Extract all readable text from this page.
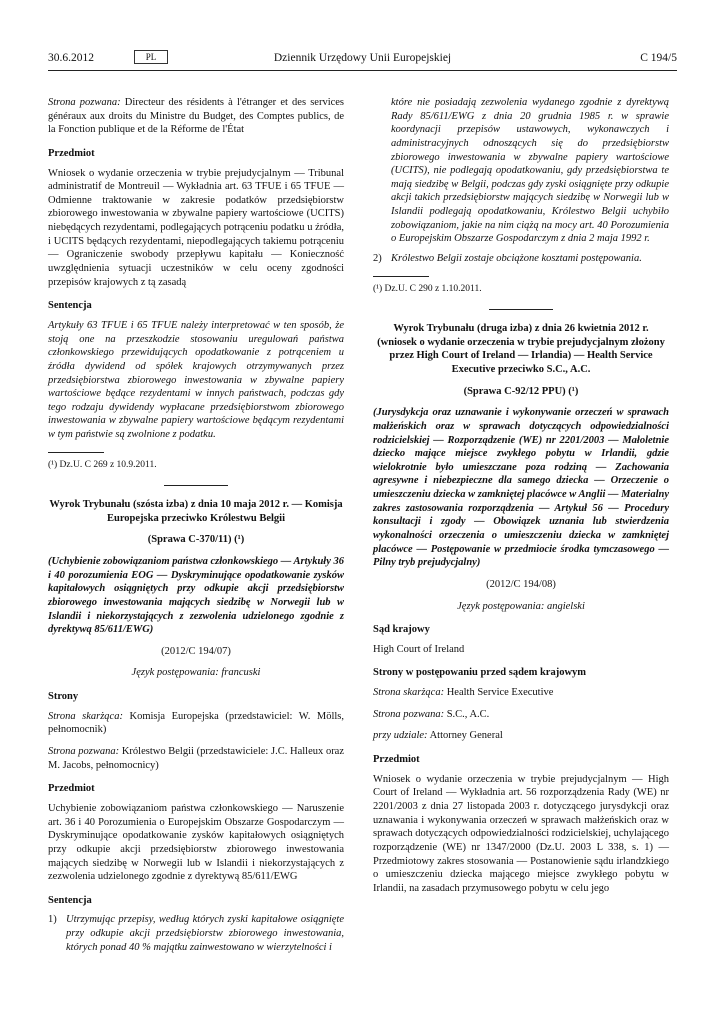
Dziennik Urzędowy Unii Europejskiej
30.6.2012	PL	C 194/5

Strona pozwana: Directeur des résidents à l'étranger et des services généraux aux droits du Ministre du Budget, des Comptes publics, de la Fonction publique et de la Réforme de l'État

Przedmiot

Wniosek o wydanie orzeczenia w trybie prejudycjalnym — Tribunal administratif de Montreuil — Wykładnia art. 63 TFUE i 65 TFUE — Odmienne traktowanie w zakresie podatków przedsiębiorstw zbiorowego inwestowania w zbywalne papiery wartościowe (UCITS) niebędących rezydentami, podlegających potrąceniu podatku u źródła, i UCITS będących rezydentami, niepodlegających takiemu potrąceniu — Ograniczenie swobody przepływu kapitału — Konieczność uwzględnienia sytuacji uczestników w celu oceny zgodności przepisów krajowych z tą zasadą

Sentencja

Artykuły 63 TFUE i 65 TFUE należy interpretować w ten sposób, że stoją one na przeszkodzie stosowaniu uregulowań państwa członkowskiego przewidujących opodatkowanie z potrąceniem u źródła dywidend od spółek krajowych otrzymywanych przez przedsiębiorstwa zbiorowego inwestowania w zbywalne papiery wartościowe będące rezydentami w innych państwach, podczas gdy tego rodzaju dywidendy wypłacane przedsiębiorstwom zbiorowego inwestowania w zbywalne papiery wartościowe będącym rezydentami w tym państwie są zwolnione z podatku.

(¹) Dz.U. C 269 z 10.9.2011.

Wyrok Trybunału (szósta izba) z dnia 10 maja 2012 r. — Komisja Europejska przeciwko Królestwu Belgii

(Sprawa C-370/11) (¹)

(Uchybienie zobowiązaniom państwa członkowskiego — Artykuły 36 i 40 porozumienia EOG — Dyskryminujące opodatkowanie zysków kapitałowych osiągniętych przy odkupie akcji przedsiębiorstw zbiorowego inwestowania mających siedzibę w Norwegii lub w Islandii i niekorzystających z zezwolenia udzielonego zgodnie z dyrektywą 85/611/EWG)

(2012/C 194/07)

Język postępowania: francuski

Strony

Strona skarżąca: Komisja Europejska (przedstawiciel: W. Mölls, pełnomocnik)

Strona pozwana: Królestwo Belgii (przedstawiciele: J.C. Halleux oraz M. Jacobs, pełnomocnicy)

Przedmiot

Uchybienie zobowiązaniom państwa członkowskiego — Naruszenie art. 36 i 40 Porozumienia o Europejskim Obszarze Gospodarczym — Dyskryminujące opodatkowanie zysków kapitałowych osiągniętych przy odkupie akcji przedsiębiorstw zbiorowego inwestowania mających siedzibę w Norwegii lub w Islandii i niekorzystających z zezwolenia udzielonego zgodnie z dyrektywą 85/611/EWG

Sentencja
1) Utrzymując przepisy, według których zyski kapitałowe osiągnięte przy odkupie akcji przedsiębiorstw zbiorowego inwestowania, których ponad 40 % majątku zainwestowano w wierzytelności i
które nie posiadają zezwolenia wydanego zgodnie z dyrektywą Rady 85/611/EWG z dnia 20 grudnia 1985 r. w sprawie koordynacji przepisów ustawowych, wykonawczych i administracyjnych odnoszących się do przedsiębiorstw zbiorowego inwestowania w zbywalne papiery wartościowe (UCITS), nie podlegają opodatkowaniu, gdy przedsiębiorstwa te mają siedzibę w Belgii, podczas gdy zyski osiągnięte przy odkupie akcji takich przedsiębiorstw mających siedzibę w Norwegii lub w Islandii podlegają opodatkowaniu, Królestwo Belgii uchybiło zobowiązaniom, jakie na nim ciążą na mocy art. 40 Porozumienia o Europejskim Obszarze Gospodarczym z dnia 2 maja 1992 r.
2) Królestwo Belgii zostaje obciążone kosztami postępowania.
(¹) Dz.U. C 290 z 1.10.2011.

Wyrok Trybunału (druga izba) z dnia 26 kwietnia 2012 r. (wniosek o wydanie orzeczenia w trybie prejudycjalnym złożony przez High Court of Ireland — Irlandia) — Health Service Executive przeciwko S.C., A.C.

(Sprawa C-92/12 PPU) (¹)

(Jurysdykcja oraz uznawanie i wykonywanie orzeczeń w sprawach małżeńskich oraz w sprawach dotyczących odpowiedzialności rodzicielskiej — Rozporządzenie (WE) nr 2201/2003 — Małoletnie dziecko mające miejsce zwykłego pobytu w Irlandii, gdzie wielokrotnie było umieszczane poza rodziną — Zachowania agresywne i niebezpieczne dla samego dziecka — Orzeczenie o umieszczeniu dziecka w zamkniętej placówce w Anglii — Materialny zakres zastosowania rozporządzenia — Artykuł 56 — Procedury konsultacji i zgody — Obowiązek uznania lub stwierdzenia wykonalności orzeczenia o umieszczeniu dziecka w zamkniętej placówce — Postępowanie w przedmiocie środka tymczasowego — Pilny tryb prejudycjalny)

(2012/C 194/08)

Język postępowania: angielski

Sąd krajowy

High Court of Ireland

Strony w postępowaniu przed sądem krajowym

Strona skarżąca: Health Service Executive

Strona pozwana: S.C., A.C.

przy udziale: Attorney General

Przedmiot

Wniosek o wydanie orzeczenia w trybie prejudycjalnym — High Court of Ireland — Wykładnia art. 56 rozporządzenia Rady (WE) nr 2201/2003 z dnia 27 listopada 2003 r. dotyczącego jurysdykcji oraz uznawania i wykonywania orzeczeń w sprawach małżeńskich oraz w sprawach dotyczących odpowiedzialności rodzicielskiej, uchylającego rozporządzenie (WE) nr 1347/2000 (Dz.U. 2003 L 338, s. 1) — Przedmiotowy zakres stosowania — Postanowienie sądu irlandzkiego o umieszczeniu dziecka mającego miejsce zwykłego pobytu w Irlandii, na zasadach przymusowego pobytu w celu jego
